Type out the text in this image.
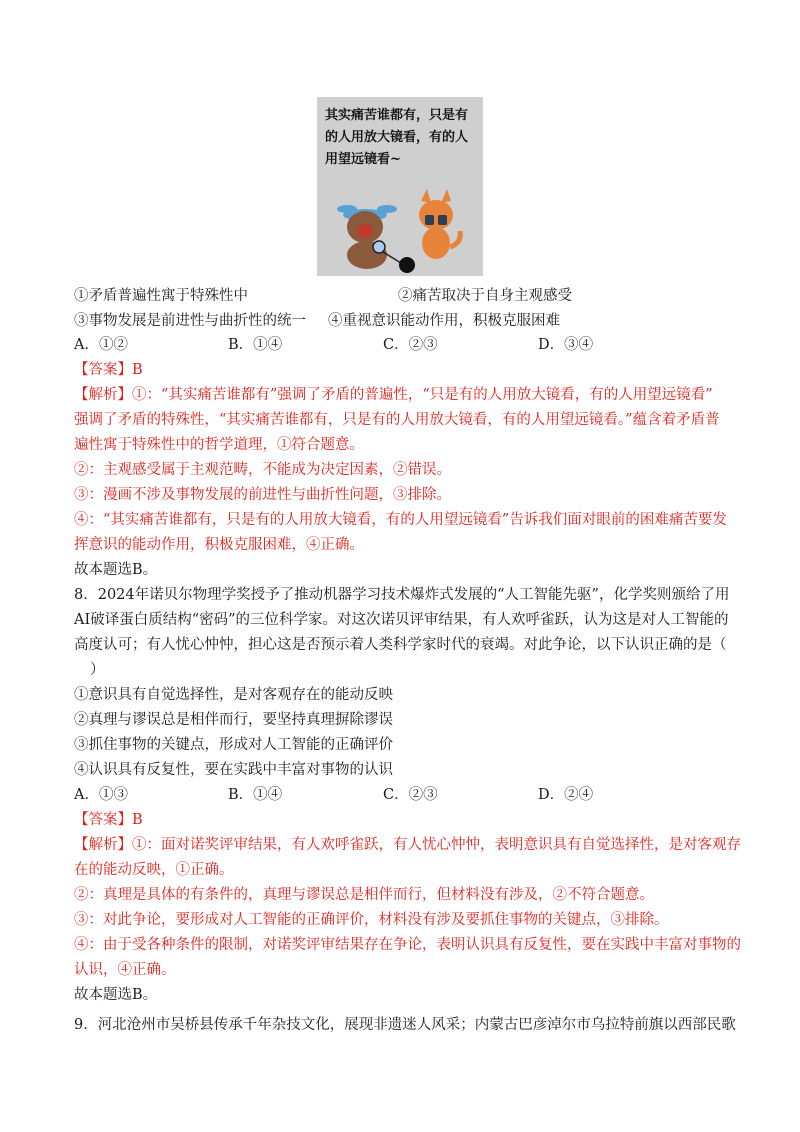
其实痛苦谁都有，只是有
的人用放大镜看，有的人
用望远镜看~
①矛盾普遍性寓于特殊性中	②痛苦取决于自身主观感受
③事物发展是前进性与曲折性的统一 ④重视意识能动作用，积极克服困难
A．①②	B．①④	C．②③	D．③④
【答案】B
【解析】①：“其实痛苦谁都有”强调了矛盾的普遍性，“只是有的人用放大镜看，有的人用望远镜看”
强调了矛盾的特殊性，“其实痛苦谁都有，只是有的人用放大镜看，有的人用望远镜看。”蕴含着矛盾普
遍性寓于特殊性中的哲学道理，①符合题意。
②：主观感受属于主观范畴，不能成为决定因素，②错误。
③：漫画不涉及事物发展的前进性与曲折性问题，③排除。
④：“其实痛苦谁都有，只是有的人用放大镜看，有的人用望远镜看”告诉我们面对眼前的困难痛苦要发
挥意识的能动作用，积极克服困难，④正确。
故本题选B。
8．2024年诺贝尔物理学奖授予了推动机器学习技术爆炸式发展的“人工智能先驱”，化学奖则颁给了用
AI破译蛋白质结构“密码”的三位科学家。对这次诺贝评审结果，有人欢呼雀跃，认为这是对人工智能的
高度认可；有人忧心忡忡，担心这是否预示着人类科学家时代的衰竭。对此争论，以下认识正确的是（
）
①意识具有自觉选择性，是对客观存在的能动反映
②真理与谬误总是相伴而行，要坚持真理摒除谬误
③抓住事物的关键点，形成对人工智能的正确评价
④认识具有反复性，要在实践中丰富对事物的认识
A．①③	B．①④	C．②③	D．②④
【答案】B
【解析】①：面对诺奖评审结果，有人欢呼雀跃，有人忧心忡忡，表明意识具有自觉选择性，是对客观存
在的能动反映，①正确。
②：真理是具体的有条件的，真理与谬误总是相伴而行，但材料没有涉及，②不符合题意。
③：对此争论，要形成对人工智能的正确评价，材料没有涉及要抓住事物的关键点，③排除。
④：由于受各种条件的限制，对诺奖评审结果存在争论，表明认识具有反复性，要在实践中丰富对事物的
认识，④正确。
故本题选B。
9．河北沧州市吴桥县传承千年杂技文化，展现非遗迷人风采；内蒙古巴彦淖尔市乌拉特前旗以西部民歌
